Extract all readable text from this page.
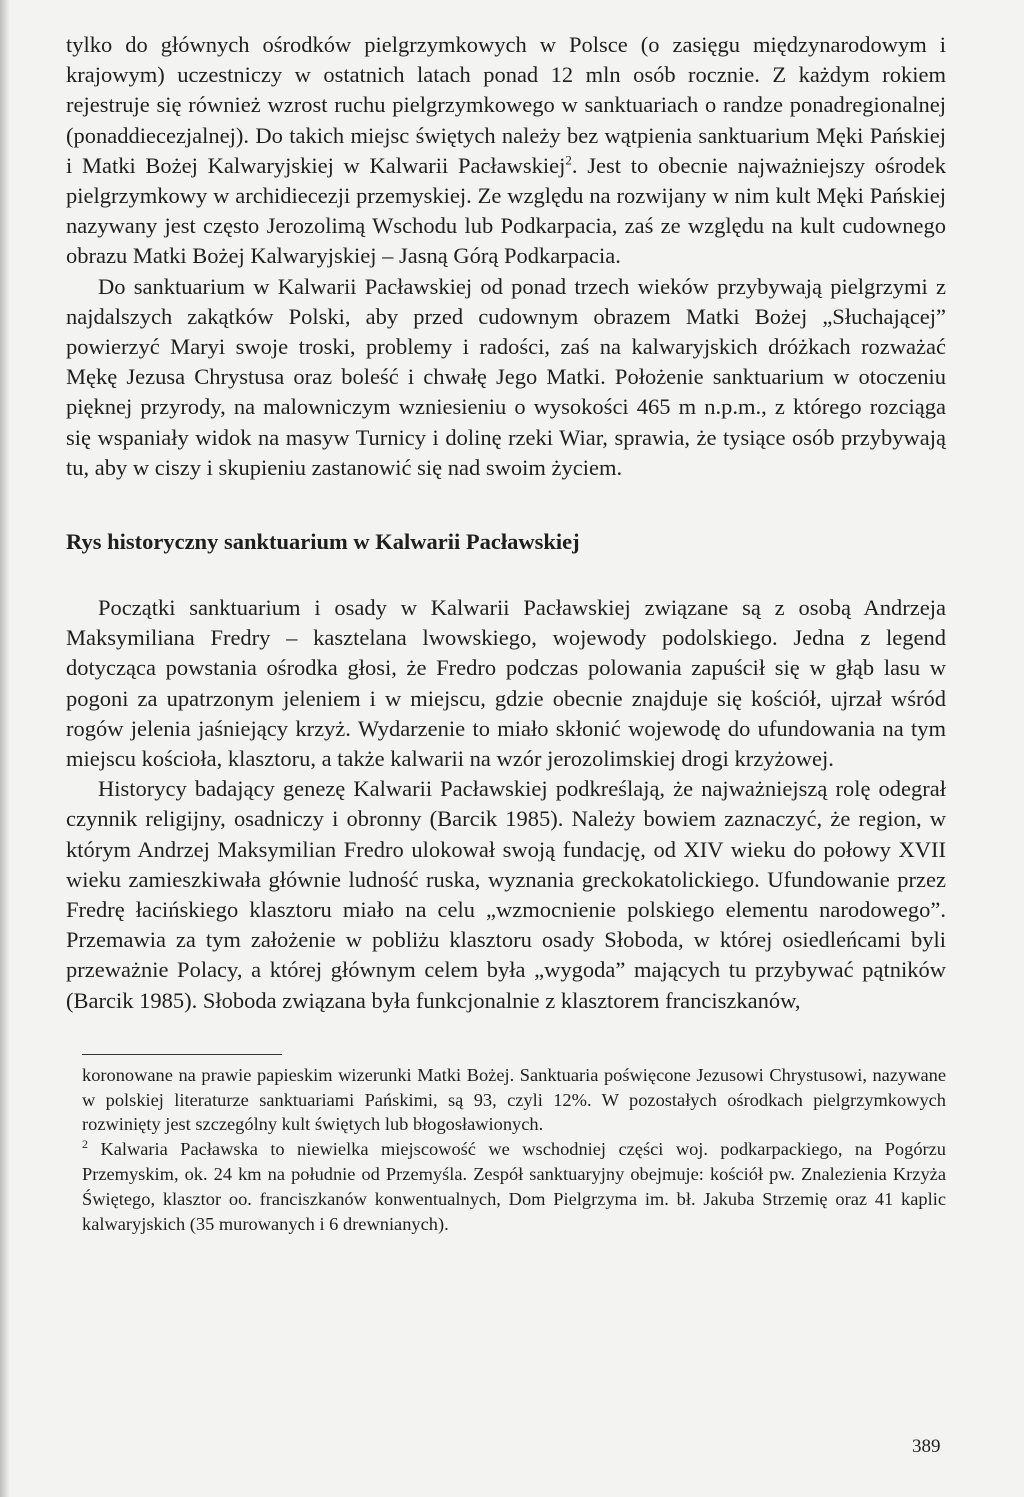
tylko do głównych ośrodków pielgrzymkowych w Polsce (o zasięgu międzynarodowym i krajowym) uczestniczy w ostatnich latach ponad 12 mln osób rocznie. Z każdym rokiem rejestruje się również wzrost ruchu pielgrzymkowego w sanktuariach o randze ponadregionalnej (ponaddiecezjalnej). Do takich miejsc świętych należy bez wątpienia sanktuarium Męki Pańskiej i Matki Bożej Kalwaryjskiej w Kalwarii Pacławskiej$^2$. Jest to obecnie najważniejszy ośrodek pielgrzymkowy w archidiecezji przemyskiej. Ze względu na rozwijany w nim kult Męki Pańskiej nazywany jest często Jerozolimą Wschodu lub Podkarpacia, zaś ze względu na kult cudownego obrazu Matki Bożej Kalwaryjskiej – Jasną Górą Podkarpacia.

Do sanktuarium w Kalwarii Pacławskiej od ponad trzech wieków przybywają pielgrzymi z najdalszych zakątków Polski, aby przed cudownym obrazem Matki Bożej „Słuchającej” powierzyć Maryi swoje troski, problemy i radości, zaś na kalwaryjskich dróżkach rozważać Mękę Jezusa Chrystusa oraz boleść i chwałę Jego Matki. Położenie sanktuarium w otoczeniu pięknej przyrody, na malowniczym wzniesieniu o wysokości 465 m n.p.m., z którego rozciąga się wspaniały widok na masyw Turnicy i dolinę rzeki Wiar, sprawia, że tysiące osób przybywają tu, aby w ciszy i skupieniu zastanowić się nad swoim życiem.

Rys historyczny sanktuarium w Kalwarii Pacławskiej

Początki sanktuarium i osady w Kalwarii Pacławskiej związane są z osobą Andrzeja Maksymiliana Fredry – kasztelana lwowskiego, wojewody podolskiego. Jedna z legend dotycząca powstania ośrodka głosi, że Fredro podczas polowania zapuścił się w głąb lasu w pogoni za upatrzonym jeleniem i w miejscu, gdzie obecnie znajduje się kościół, ujrzał wśród rogów jelenia jaśniejący krzyż. Wydarzenie to miało skłonić wojewodę do ufundowania na tym miejscu kościoła, klasztoru, a także kalwarii na wzór jerozolimskiej drogi krzyżowej.

Historycy badający genezę Kalwarii Pacławskiej podkreślają, że najważniejszą rolę odegrał czynnik religijny, osadniczy i obronny (Barcik 1985). Należy bowiem zaznaczyć, że region, w którym Andrzej Maksymilian Fredro ulokował swoją fundację, od XIV wieku do połowy XVII wieku zamieszkiwała głównie ludność ruska, wyznania greckokatolickiego. Ufundowanie przez Fredrę łacińskiego klasztoru miało na celu „wzmocnienie polskiego elementu narodowego”. Przemawia za tym założenie w pobliżu klasztoru osady Słoboda, w której osiedleńcami byli przeważnie Polacy, a której głównym celem była „wygoda” mających tu przybywać pątników (Barcik 1985). Słoboda związana była funkcjonalnie z klasztorem franciszkanów,

koronowane na prawie papieskim wizerunki Matki Bożej. Sanktuaria poświęcone Jezusowi Chrystusowi, nazywane w polskiej literaturze sanktuariami Pańskimi, są 93, czyli 12%. W pozostałych ośrodkach pielgrzymkowych rozwinięty jest szczególny kult świętych lub błogosławionych.

$^2$ Kalwaria Pacławska to niewielka miejscowość we wschodniej części woj. podkarpackiego, na Pogórzu Przemyskim, ok. 24 km na południe od Przemyśla. Zespół sanktuaryjny obejmuje: kościół pw. Znalezienia Krzyża Świętego, klasztor oo. franciszkanów konwentualnych, Dom Pielgrzyma im. bł. Jakuba Strzemię oraz 41 kaplic kalwaryjskich (35 murowanych i 6 drewnianych).

389
